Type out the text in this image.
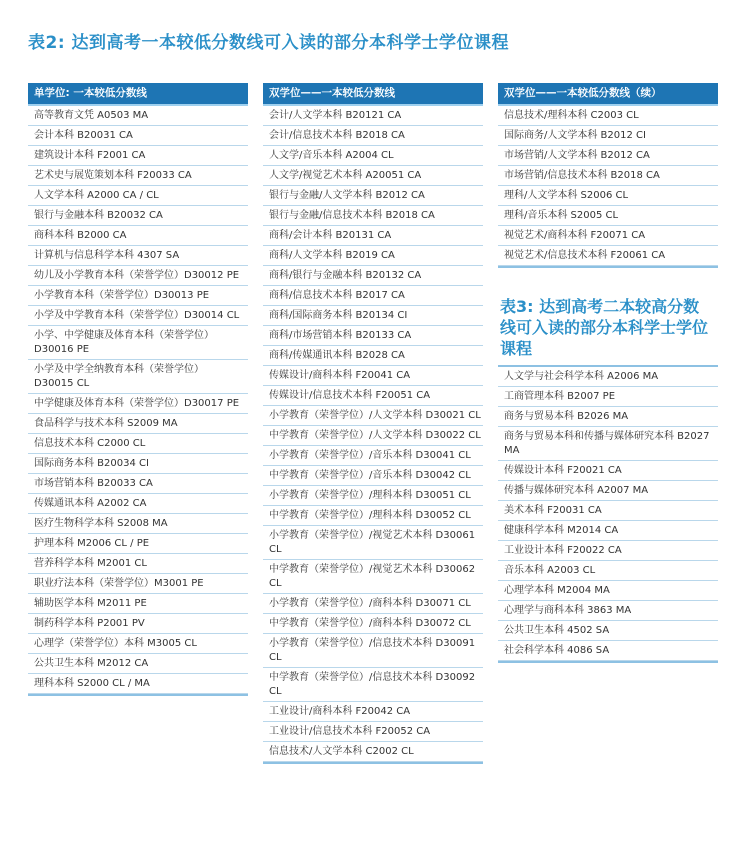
表2: 达到高考一本较低分数线可入读的部分本科学士学位课程
单学位: 一本较低分数线
高等教育文凭 A0503 MA
会计本科 B20031 CA
建筑设计本科 F2001 CA
艺术史与展览策划本科 F20033 CA
人文学本科 A2000 CA / CL
银行与金融本科 B20032 CA
商科本科 B2000 CA
计算机与信息科学本科 4307 SA
幼儿及小学教育本科（荣誉学位）D30012 PE
小学教育本科（荣誉学位）D30013 PE
小学及中学教育本科（荣誉学位）D30014 CL
小学、中学健康及体育本科（荣誉学位）D30016 PE
小学及中学全纳教育本科（荣誉学位）D30015 CL
中学健康及体育本科（荣誉学位）D30017 PE
食品科学与技术本科 S2009 MA
信息技术本科 C2000 CL
国际商务本科 B20034 CI
市场营销本科 B20033 CA
传媒通讯本科 A2002 CA
医疗生物科学本科 S2008 MA
护理本科 M2006 CL / PE
营养科学本科 M2001 CL
职业疗法本科（荣誉学位）M3001 PE
辅助医学本科 M2011 PE
制药科学本科 P2001 PV
心理学（荣誉学位）本科 M3005 CL
公共卫生本科 M2012 CA
理科本科 S2000 CL / MA
双学位——一本较低分数线
会计/人文学本科 B20121 CA
会计/信息技术本科 B2018 CA
人文学/音乐本科 A2004 CL
人文学/视觉艺术本科 A20051 CA
银行与金融/人文学本科 B2012 CA
银行与金融/信息技术本科 B2018 CA
商科/会计本科 B20131 CA
商科/人文学本科 B2019 CA
商科/银行与金融本科 B20132 CA
商科/信息技术本科 B2017 CA
商科/国际商务本科 B20134 CI
商科/市场营销本科 B20133 CA
商科/传媒通讯本科 B2028 CA
传媒设计/商科本科 F20041 CA
传媒设计/信息技术本科 F20051 CA
小学教育（荣誉学位）/人文学本科 D30021 CL
中学教育（荣誉学位）/人文学本科 D30022 CL
小学教育（荣誉学位）/音乐本科 D30041 CL
中学教育（荣誉学位）/音乐本科 D30042 CL
小学教育（荣誉学位）/理科本科 D30051 CL
中学教育（荣誉学位）/理科本科 D30052 CL
小学教育（荣誉学位）/视觉艺术本科 D30061 CL
中学教育（荣誉学位）/视觉艺术本科 D30062 CL
小学教育（荣誉学位）/商科本科 D30071 CL
中学教育（荣誉学位）/商科本科 D30072 CL
小学教育（荣誉学位）/信息技术本科 D30091 CL
中学教育（荣誉学位）/信息技术本科 D30092 CL
工业设计/商科本科 F20042 CA
工业设计/信息技术本科 F20052 CA
信息技术/人文学本科 C2002 CL
双学位——一本较低分数线（续）
信息技术/理科本科 C2003 CL
国际商务/人文学本科 B2012 CI
市场营销/人文学本科 B2012 CA
市场营销/信息技术本科 B2018 CA
理科/人文学本科 S2006 CL
理科/音乐本科 S2005 CL
视觉艺术/商科本科 F20071 CA
视觉艺术/信息技术本科 F20061 CA
表3: 达到高考二本较高分数线可入读的部分本科学士学位课程
人文学与社会科学本科 A2006 MA
工商管理本科 B2007 PE
商务与贸易本科 B2026 MA
商务与贸易本科和传播与媒体研究本科 B2027 MA
传媒设计本科 F20021 CA
传播与媒体研究本科 A2007 MA
美术本科 F20031 CA
健康科学本科 M2014 CA
工业设计本科 F20022 CA
音乐本科 A2003 CL
心理学本科 M2004 MA
心理学与商科本科 3863 MA
公共卫生本科 4502 SA
社会科学本科 4086 SA
